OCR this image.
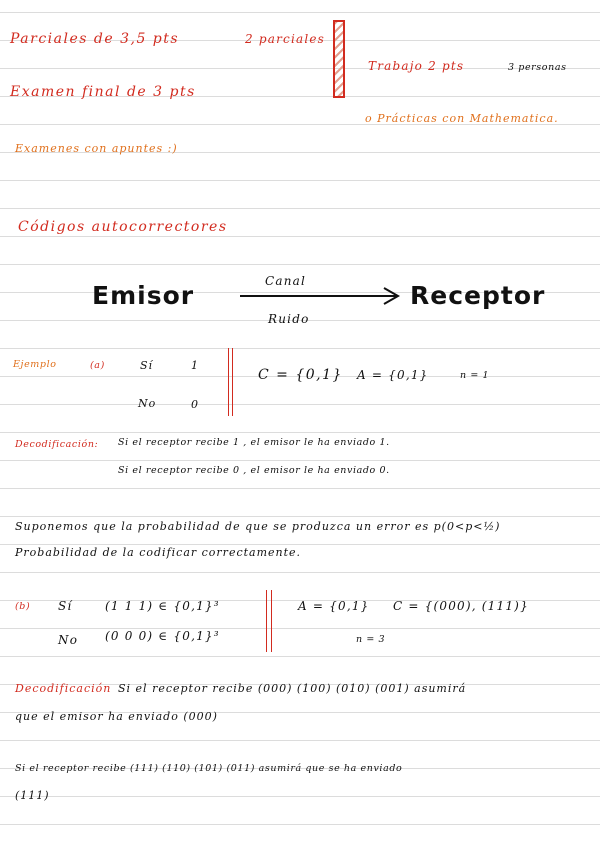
Parciales de 3,5 pts	2 parciales
Examen final de 3 pts
Examenes con apuntes :)
Trabajo 2 pts	3 personas
o Prácticas con Mathematica.
Códigos autocorrectores
Emisor	Canal
Ruido
Receptor
Ejemplo	(a)	Sí	1
No	0
C = {0,1} A = {0,1}	n = 1
Decodificación: Si el receptor recibe 1 , el emisor le ha enviado 1.
Si el receptor recibe 0 , el emisor le ha enviado 0.
Suponemos que la probabilidad de que se produzca un error es p(0<p<½)
Probabilidad de la codificar correctamente.
(b) Sí	(1 1 1) ∈ {0,1}³
No (0 0 0) ∈ {0,1}³
A = {0,1} C = {(000), (111)}
n = 3
Decodificación Si el receptor recibe (000) (100) (010) (001) asumirá
que el emisor ha enviado (000)
Si el receptor recibe (111) (110) (101) (011) asumirá que se ha enviado
(111)
